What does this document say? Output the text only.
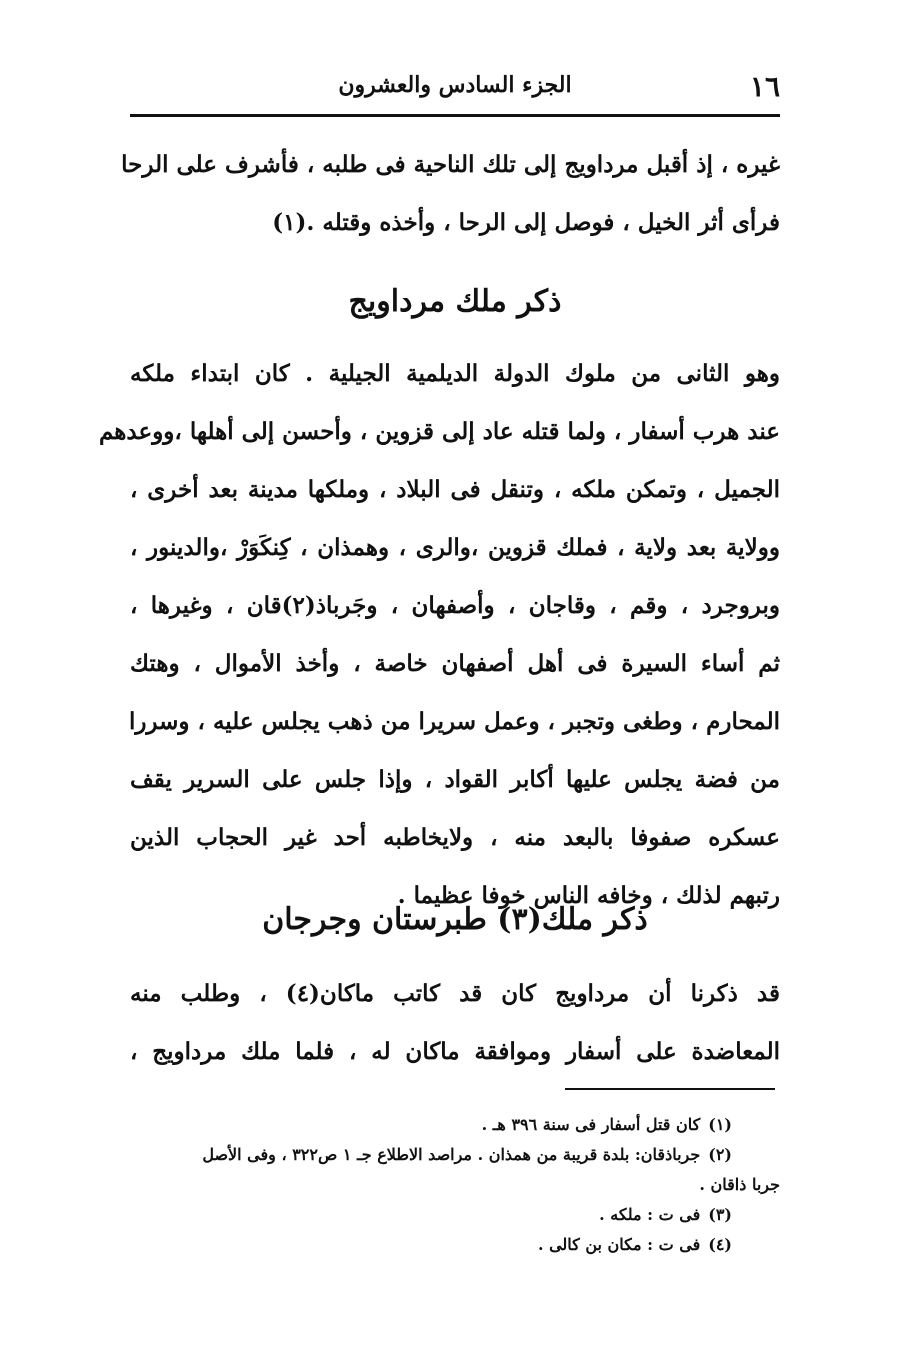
١٦
الجزء السادس والعشرون
غيره ، إذ أقبل مرداويج إلى تلك الناحية فى طلبه ، فأشرف على الرحا
فرأى أثر الخيل ، فوصل إلى الرحا ، وأخذه وقتله .(١)
ذكر ملك مرداويج
وهو الثانى من ملوك الدولة الديلمية الجيلية . كان ابتداء ملكه
عند هرب أسفار ، ولما قتله عاد إلى قزوين ، وأحسن إلى أهلها ،ووعدهم
الجميل ، وتمكن ملكه ، وتنقل فى البلاد ، وملكها مدينة بعد أخرى ،
وولاية بعد ولاية ، فملك قزوين ،والرى ، وهمذان ، كِنكَوَرْ ،والدينور ،
وبروجرد ، وقم ، وقاجان ، وأصفهان ، وجَرباذ(٢)قان ، وغيرها ،
ثم أساء السيرة فى أهل أصفهان خاصة ، وأخذ الأموال ، وهتك
المحارم ، وطغى وتجبر ، وعمل سريرا من ذهب يجلس عليه ، وسررا
من فضة يجلس عليها أكابر القواد ، وإذا جلس على السرير يقف
عسكره صفوفا بالبعد منه ، ولايخاطبه أحد غير الحجاب الذين
رتبهم لذلك ، وخافه الناس خوفا عظيما .
ذكر ملك(٣) طبرستان وجرجان
قد ذكرنا أن مرداويج كان قد كاتب ماكان(٤) ، وطلب منه
المعاضدة على أسفار وموافقة ماكان له ، فلما ملك مرداويج ،
(١)كان قتل أسفار فى سنة ٣٩٦ هـ .
(٢)جرباذقان: بلدة قريبة من همذان . مراصد الاطلاع جـ ١ ص٣٢٢ ، وفى الأصل
جربا ذاقان .
(٣)فى ت : ملكه .
(٤)فى ت : مكان بن كالى .
